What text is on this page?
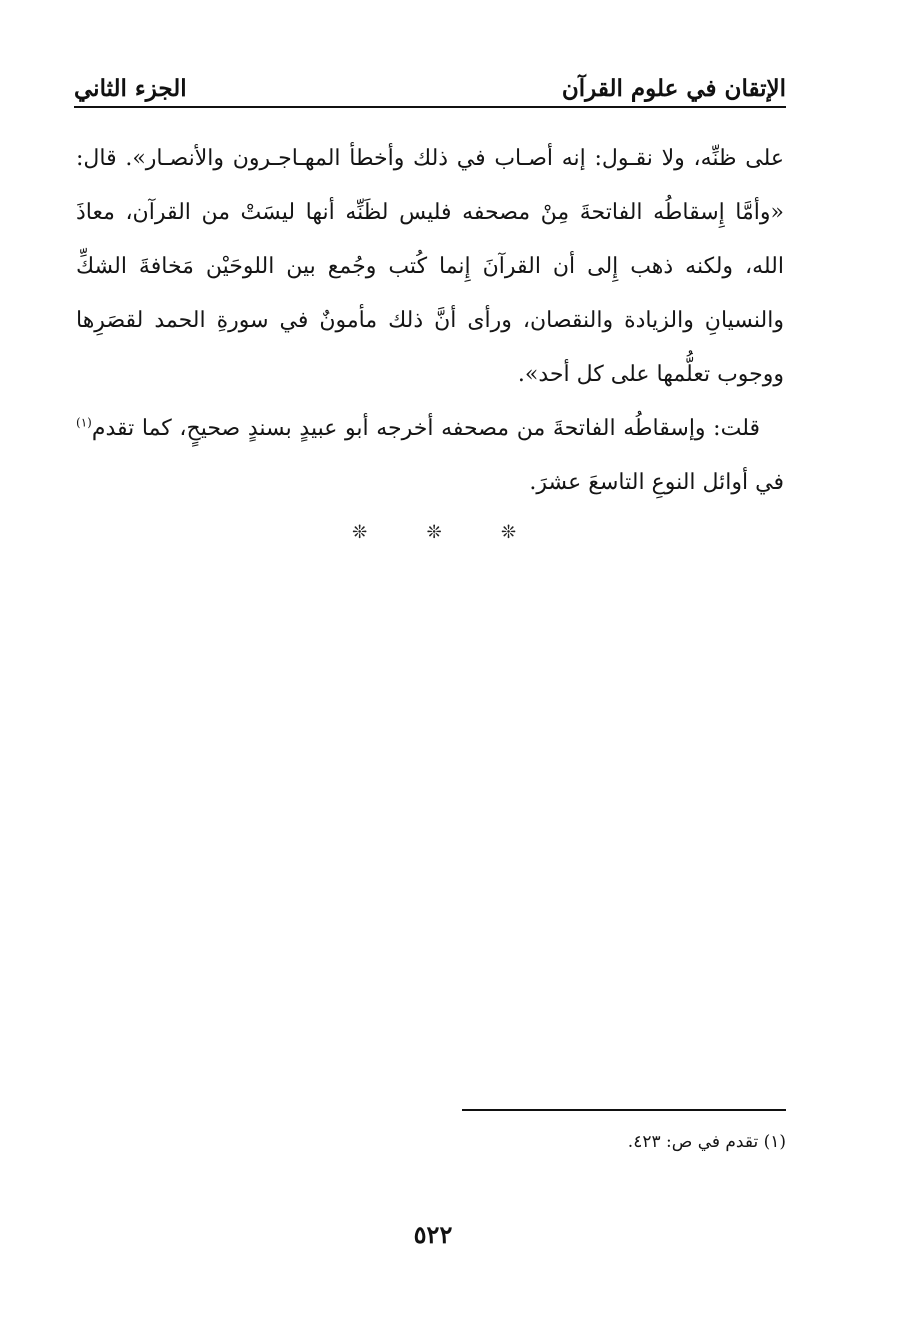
الإتقان في علوم القرآن
الجزء الثاني

على ظنِّه، ولا نقـول: إنه أصـاب في ذلك وأخطأ المهـاجـرون والأنصـار». قال: «وأمَّا إِسقاطُه الفاتحةَ مِنْ مصحفه فليس لظَنِّه أنها ليسَتْ من القرآن، معاذَ الله، ولكنه ذهب إِلى أن القرآنَ إِنما كُتب وجُمع بين اللوحَيْن مَخافةَ الشكِّ والنسيانِ والزيادة والنقصان، ورأى أنَّ ذلك مأمونٌ في سورةِ الحمد لقصَرِها ووجوب تعلُّمها على كل أحد».

قلت: وإسقاطُه الفاتحةَ من مصحفه أخرجه أبو عبيدٍ بسندٍ صحيحٍ، كما تقدم$^{(١)}$ في أوائل النوعِ التاسعَ عشرَ.

❊	❊	❊
(١) تقدم في ص: ٤٢٣.
٥٢٢
